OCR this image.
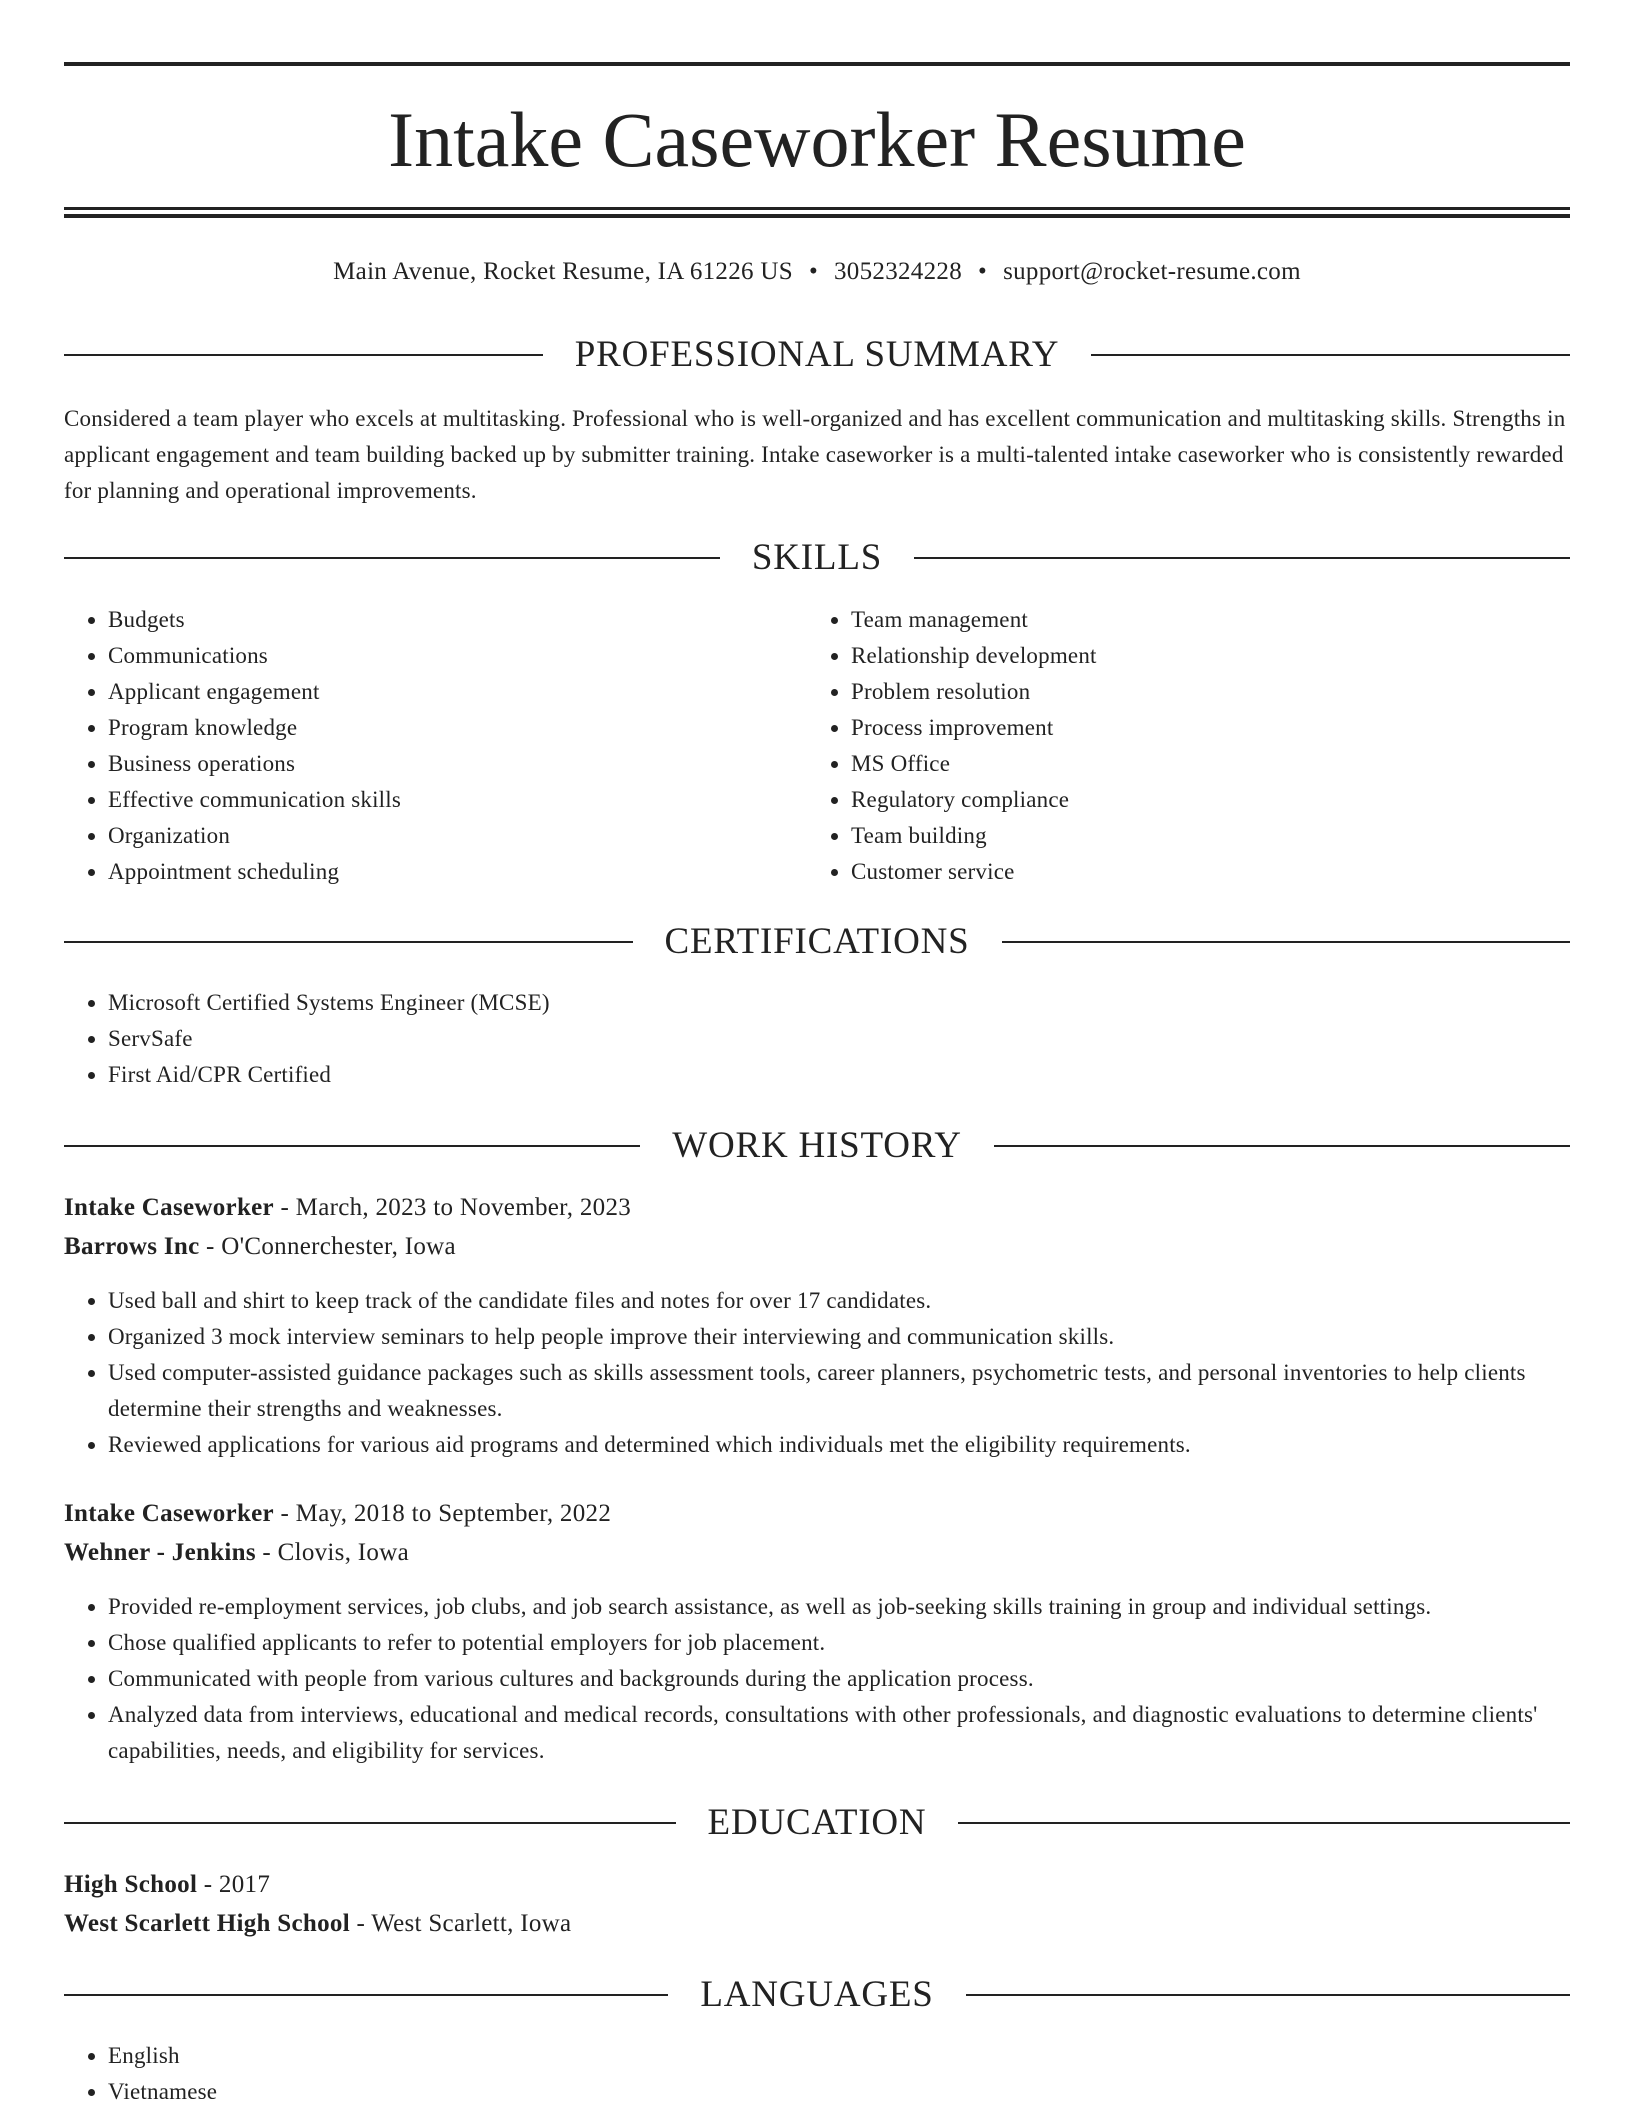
Intake Caseworker Resume
Main Avenue, Rocket Resume, IA 61226 US • 3052324228 • support@rocket-resume.com
PROFESSIONAL SUMMARY

Considered a team player who excels at multitasking. Professional who is well-organized and has excellent communication and multitasking skills. Strengths in applicant engagement and team building backed up by submitter training. Intake caseworker is a multi-talented intake caseworker who is consistently rewarded for planning and operational improvements.

SKILLS
• Budgets
• Communications
• Applicant engagement
• Program knowledge
• Business operations
• Effective communication skills
• Organization
• Appointment scheduling
• Team management
• Relationship development
• Problem resolution
• Process improvement
• MS Office
• Regulatory compliance
• Team building
• Customer service
CERTIFICATIONS
• Microsoft Certified Systems Engineer (MCSE)
• ServSafe
• First Aid/CPR Certified
WORK HISTORY
Intake Caseworker - March, 2023 to November, 2023
Barrows Inc - O'Connerchester, Iowa
• Used ball and shirt to keep track of the candidate files and notes for over 17 candidates.
• Organized 3 mock interview seminars to help people improve their interviewing and communication skills.
• Used computer-assisted guidance packages such as skills assessment tools, career planners, psychometric tests, and personal inventories to help clients determine their strengths and weaknesses.
• Reviewed applications for various aid programs and determined which individuals met the eligibility requirements.
Intake Caseworker - May, 2018 to September, 2022
Wehner - Jenkins - Clovis, Iowa
• Provided re-employment services, job clubs, and job search assistance, as well as job-seeking skills training in group and individual settings.
• Chose qualified applicants to refer to potential employers for job placement.
• Communicated with people from various cultures and backgrounds during the application process.
• Analyzed data from interviews, educational and medical records, consultations with other professionals, and diagnostic evaluations to determine clients' capabilities, needs, and eligibility for services.
EDUCATION
High School - 2017
West Scarlett High School - West Scarlett, Iowa
LANGUAGES
• English
• Vietnamese
